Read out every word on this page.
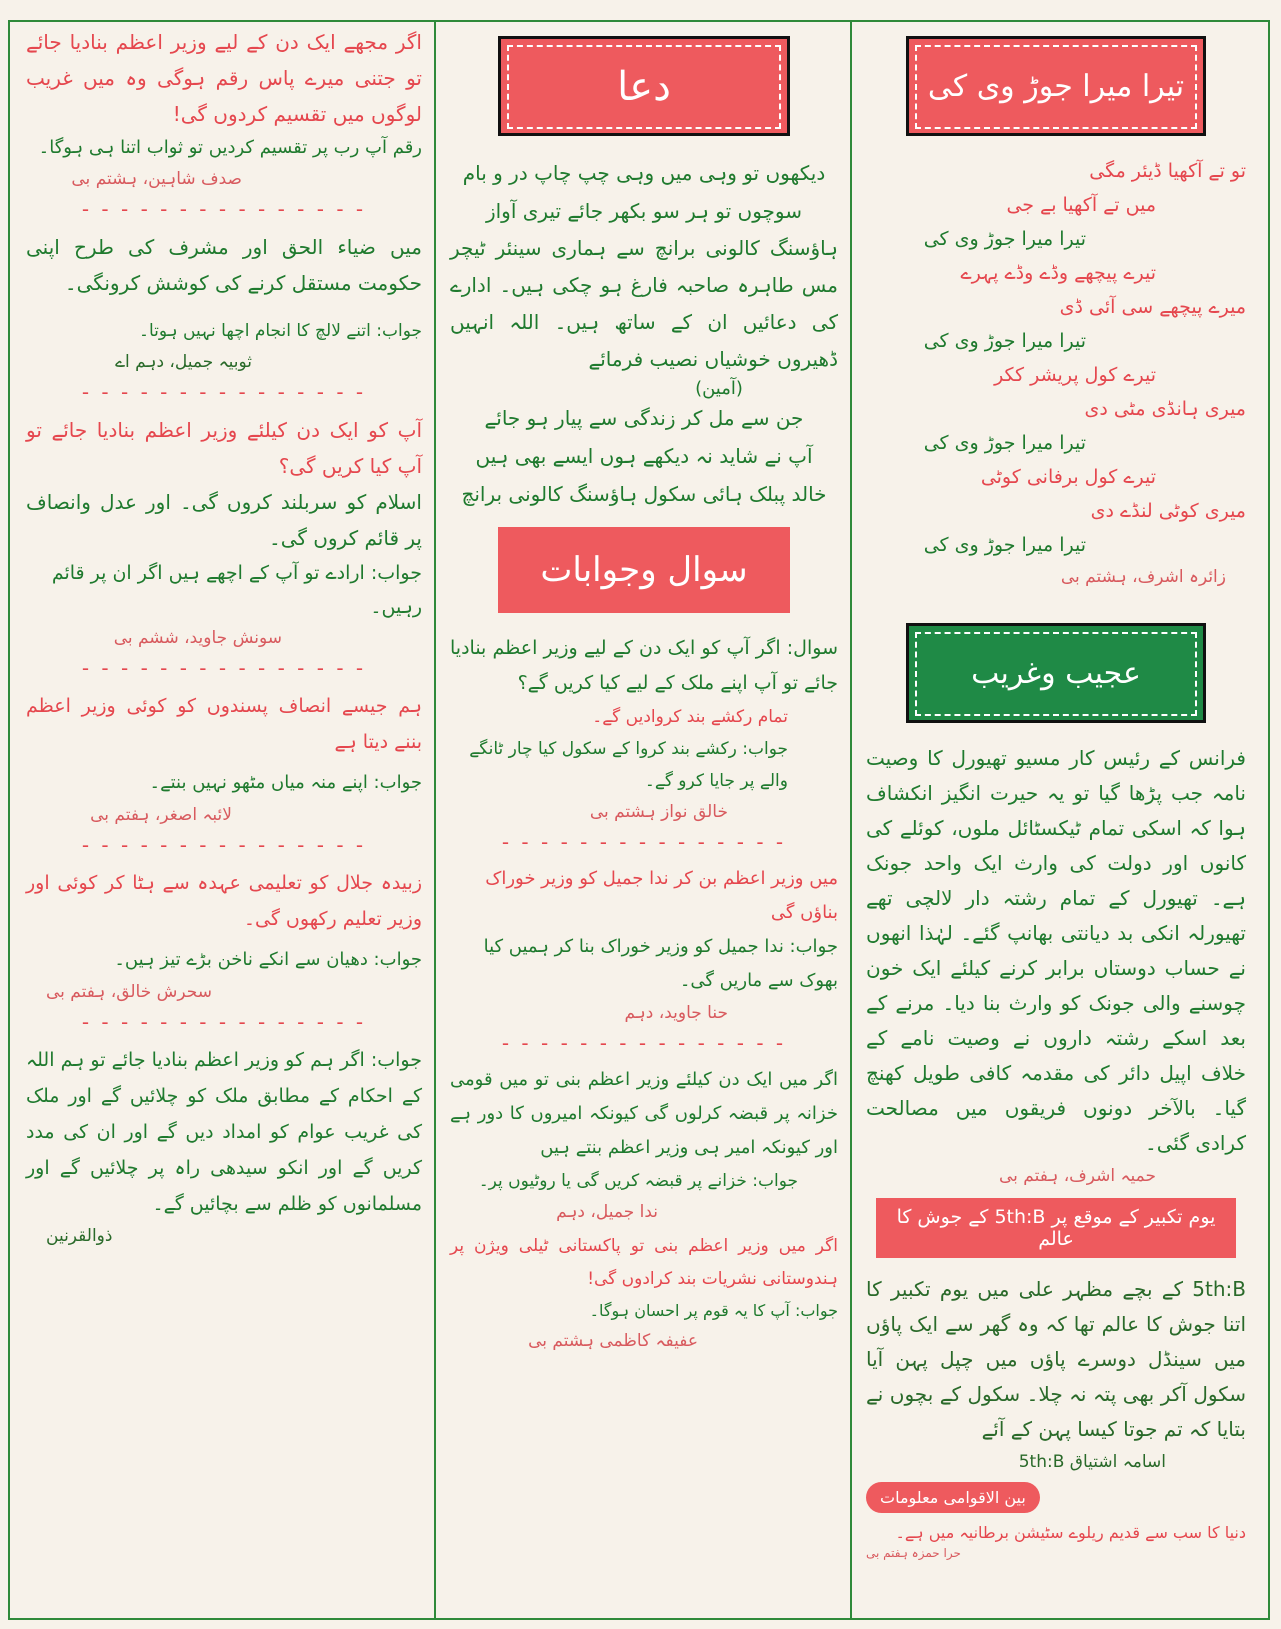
تیرا میرا جوڑ وی کی
تو تے آکھیا ڈیئر مگی
میں تے آکھیا بے جی
تیرا میرا جوڑ وی کی
تیرے پیچھے وڈے وڈے پہرے
میرے پیچھے سی آئی ڈی
تیرا میرا جوڑ وی کی
تیرے کول پریشر ککر
میری ہانڈی مٹی دی
تیرا میرا جوڑ وی کی
تیرے کول برفانی کوٹی
میری کوٹی لنڈے دی
تیرا میرا جوڑ وی کی
زائرہ اشرف، ہشتم بی
عجیب وغریب

فرانس کے رئیس کار مسیو تھیورل کا وصیت نامہ جب پڑھا گیا تو یہ حیرت انگیز انکشاف ہوا کہ اسکی تمام ٹیکسٹائل ملوں، کوئلے کی کانوں اور دولت کی وارث ایک واحد جونک ہے۔ تھیورل کے تمام رشتہ دار لالچی تھے تھیورلہ انکی بد دیانتی بھانپ گئے۔ لہٰذا انھوں نے حساب دوستاں برابر کرنے کیلئے ایک خون چوسنے والی جونک کو وارث بنا دیا۔ مرنے کے بعد اسکے رشتہ داروں نے وصیت نامے کے خلاف اپیل دائر کی مقدمہ کافی طویل کھنچ گیا۔ بالآخر دونوں فریقوں میں مصالحت کرادی گئی۔

حمیہ اشرف، ہفتم بی
یوم تکبیر کے موقع پر 5th:B کے جوش کا عالم

5th:B کے بچے مظہر علی میں یوم تکبیر کا اتنا جوش کا عالم تھا کہ وہ گھر سے ایک پاؤں میں سینڈل دوسرے پاؤں میں چپل پہن آیا سکول آکر بھی پتہ نہ چلا۔ سکول کے بچوں نے بتایا کہ تم جوتا کیسا پہن کے آئے

اسامہ اشتیاق 5th:B
بین الاقوامی معلومات

دنیا کا سب سے قدیم ریلوے سٹیشن برطانیہ میں ہے۔

حرا حمزہ ہفتم بی
دعا
دیکھوں تو وہی میں وہی چپ چاپ در و بام
سوچوں تو ہر سو بکھر جائے تیری آواز

ہاؤسنگ کالونی برانچ سے ہماری سینئر ٹیچر مس طاہرہ صاحبہ فارغ ہو چکی ہیں۔ ادارے کی دعائیں ان کے ساتھ ہیں۔ اللہ انہیں ڈھیروں خوشیاں نصیب فرمائے

(آمین)
جن سے مل کر زندگی سے پیار ہو جائے
آپ نے شاید نہ دیکھے ہوں ایسے بھی ہیں
خالد پبلک ہائی سکول ہاؤسنگ کالونی برانچ
سوال وجوابات

سوال: اگر آپ کو ایک دن کے لیے وزیر اعظم بنادیا جائے تو آپ اپنے ملک کے لیے کیا کریں گے؟

تمام رکشے بند کروادیں گے۔

جواب: رکشے بند کروا کے سکول کیا چار ٹانگے والے پر جایا کرو گے۔

خالق نواز ہشتم بی
- - - - - - - - - - - - - - -

میں وزیر اعظم بن کر ندا جمیل کو وزیر خوراک بناؤں گی

جواب: ندا جمیل کو وزیر خوراک بنا کر ہمیں کیا بھوک سے ماریں گی۔

حنا جاوید، دہم
- - - - - - - - - - - - - - -

اگر میں ایک دن کیلئے وزیر اعظم بنی تو میں قومی خزانہ پر قبضہ کرلوں گی کیونکہ امیروں کا دور ہے اور کیونکہ امیر ہی وزیر اعظم بنتے ہیں

جواب: خزانے پر قبضہ کریں گی یا روٹیوں پر۔

ندا جمیل، دہم

اگر میں وزیر اعظم بنی تو پاکستانی ٹیلی ویژن پر ہندوستانی نشریات بند کرادوں گی!

جواب: آپ کا یہ قوم پر احسان ہوگا۔

عفیفہ کاظمی ہشتم بی

اگر مجھے ایک دن کے لیے وزیر اعظم بنادیا جائے تو جتنی میرے پاس رقم ہوگی وہ میں غریب لوگوں میں تقسیم کردوں گی!

رقم آپ رب پر تقسیم کردیں تو ثواب اتنا ہی ہوگا۔

صدف شاہین، ہشتم بی
- - - - - - - - - - - - - - -

میں ضیاء الحق اور مشرف کی طرح اپنی حکومت مستقل کرنے کی کوشش کرونگی۔

جواب: اتنے لالچ کا انجام اچھا نہیں ہوتا۔

ثوبیہ جمیل، دہم اے
- - - - - - - - - - - - - - -

آپ کو ایک دن کیلئے وزیر اعظم بنادیا جائے تو آپ کیا کریں گی؟

اسلام کو سربلند کروں گی۔ اور عدل وانصاف پر قائم کروں گی۔

جواب: ارادے تو آپ کے اچھے ہیں اگر ان پر قائم رہیں۔

سونش جاوید، ششم بی
- - - - - - - - - - - - - - -

ہم جیسے انصاف پسندوں کو کوئی وزیر اعظم بننے دیتا ہے

جواب: اپنے منہ میاں مٹھو نہیں بنتے۔

لائبہ اصغر، ہفتم بی
- - - - - - - - - - - - - - -

زبیدہ جلال کو تعلیمی عہدہ سے ہٹا کر کوئی اور وزیر تعلیم رکھوں گی۔

جواب: دھیان سے انکے ناخن بڑے تیز ہیں۔

سحرش خالق، ہفتم بی
- - - - - - - - - - - - - - -

جواب: اگر ہم کو وزیر اعظم بنادیا جائے تو ہم اللہ کے احکام کے مطابق ملک کو چلائیں گے اور ملک کی غریب عوام کو امداد دیں گے اور ان کی مدد کریں گے اور انکو سیدھی راہ پر چلائیں گے اور مسلمانوں کو ظلم سے بچائیں گے۔

ذوالقرنین
